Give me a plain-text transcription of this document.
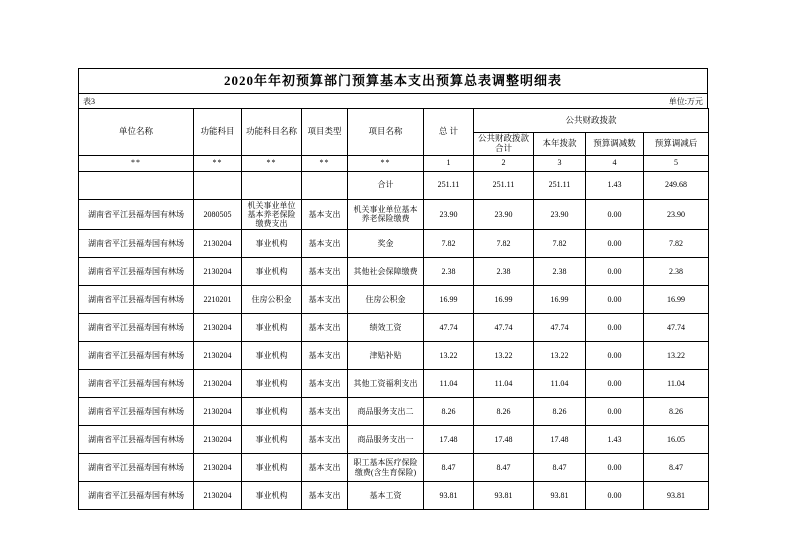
2020年年初预算部门预算基本支出预算总表调整明细表
表3	单位:万元
单位名称	功能科目	功能科目名称	项目类型	项目名称	总 计	公共财政拨款			
						公共财政拨款合计	本年拨款	预算调减数	预算调减后
**	**	**	**	**	1	2	3	4	5
				合计	251.11	251.11	251.11	1.43	249.68
湖南省平江县福寿国有林场	2080505	机关事业单位基本养老保险缴费支出	基本支出	机关事业单位基本养老保险缴费	23.90	23.90	23.90	0.00	23.90
湖南省平江县福寿国有林场	2130204	事业机构	基本支出	奖金	7.82	7.82	7.82	0.00	7.82
湖南省平江县福寿国有林场	2130204	事业机构	基本支出	其他社会保障缴费	2.38	2.38	2.38	0.00	2.38
湖南省平江县福寿国有林场	2210201	住房公积金	基本支出	住房公积金	16.99	16.99	16.99	0.00	16.99
湖南省平江县福寿国有林场	2130204	事业机构	基本支出	绩效工资	47.74	47.74	47.74	0.00	47.74
湖南省平江县福寿国有林场	2130204	事业机构	基本支出	津贴补贴	13.22	13.22	13.22	0.00	13.22
湖南省平江县福寿国有林场	2130204	事业机构	基本支出	其他工资福利支出	11.04	11.04	11.04	0.00	11.04
湖南省平江县福寿国有林场	2130204	事业机构	基本支出	商品服务支出二	8.26	8.26	8.26	0.00	8.26
湖南省平江县福寿国有林场	2130204	事业机构	基本支出	商品服务支出一	17.48	17.48	17.48	1.43	16.05
湖南省平江县福寿国有林场	2130204	事业机构	基本支出	职工基本医疗保险缴费(含生育保险)	8.47	8.47	8.47	0.00	8.47
湖南省平江县福寿国有林场	2130204	事业机构	基本支出	基本工资	93.81	93.81	93.81	0.00	93.81
